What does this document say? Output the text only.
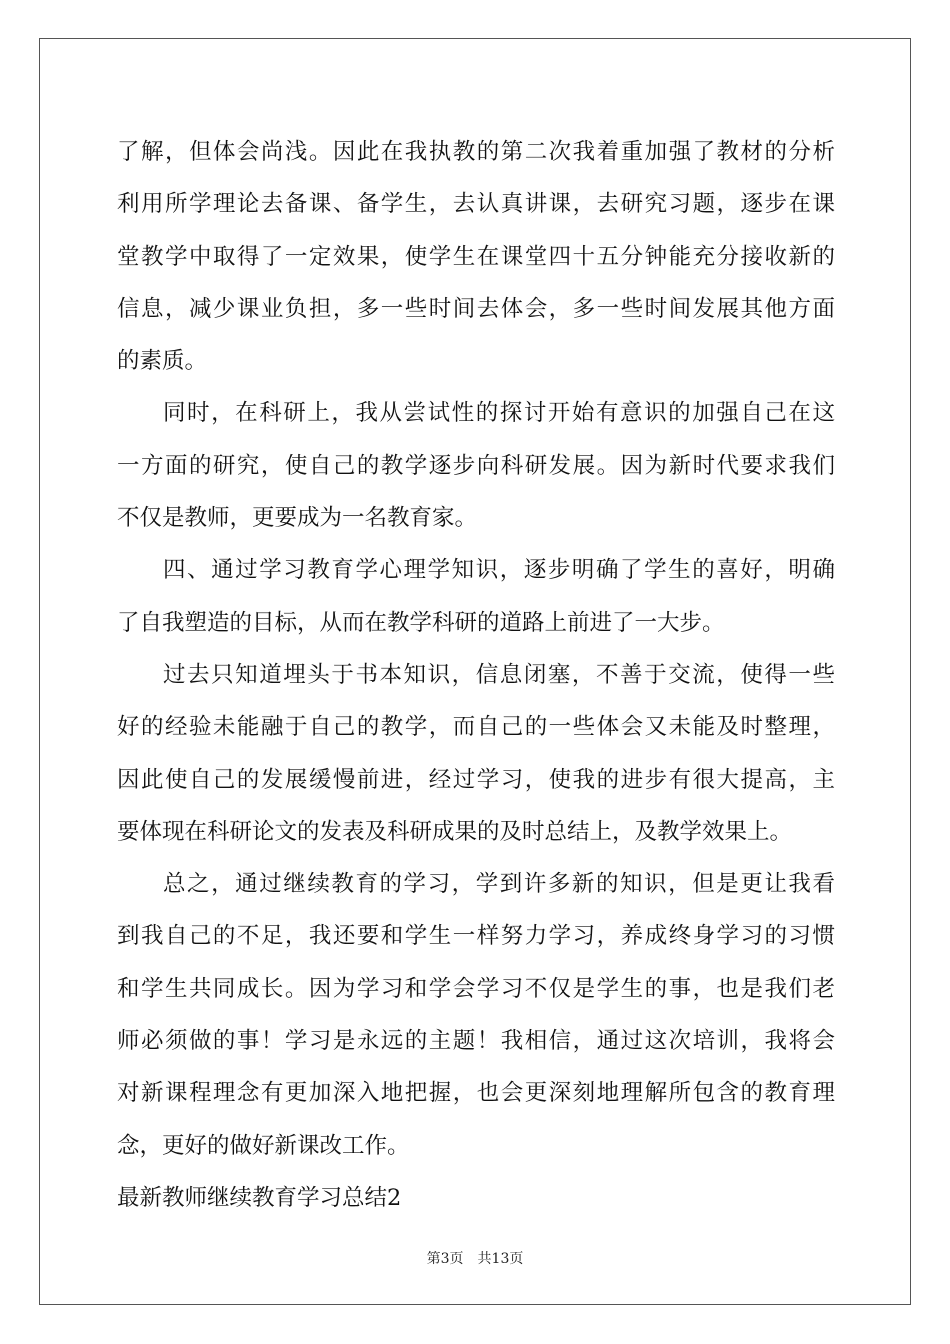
了解，但体会尚浅。因此在我执教的第二次我着重加强了教材的分析
利用所学理论去备课、备学生，去认真讲课，去研究习题，逐步在课
堂教学中取得了一定效果，使学生在课堂四十五分钟能充分接收新的
信息，减少课业负担，多一些时间去体会，多一些时间发展其他方面
的素质。
同时，在科研上，我从尝试性的探讨开始有意识的加强自己在这
一方面的研究，使自己的教学逐步向科研发展。因为新时代要求我们
不仅是教师，更要成为一名教育家。
四、通过学习教育学心理学知识，逐步明确了学生的喜好，明确
了自我塑造的目标，从而在教学科研的道路上前进了一大步。
过去只知道埋头于书本知识，信息闭塞，不善于交流，使得一些
好的经验未能融于自己的教学，而自己的一些体会又未能及时整理，
因此使自己的发展缓慢前进，经过学习，使我的进步有很大提高，主
要体现在科研论文的发表及科研成果的及时总结上，及教学效果上。
总之，通过继续教育的学习，学到许多新的知识，但是更让我看
到我自己的不足，我还要和学生一样努力学习，养成终身学习的习惯
和学生共同成长。因为学习和学会学习不仅是学生的事，也是我们老
师必须做的事！学习是永远的主题！我相信，通过这次培训，我将会
对新课程理念有更加深入地把握，也会更深刻地理解所包含的教育理
念，更好的做好新课改工作。
最新教师继续教育学习总结2
第3页 共13页
